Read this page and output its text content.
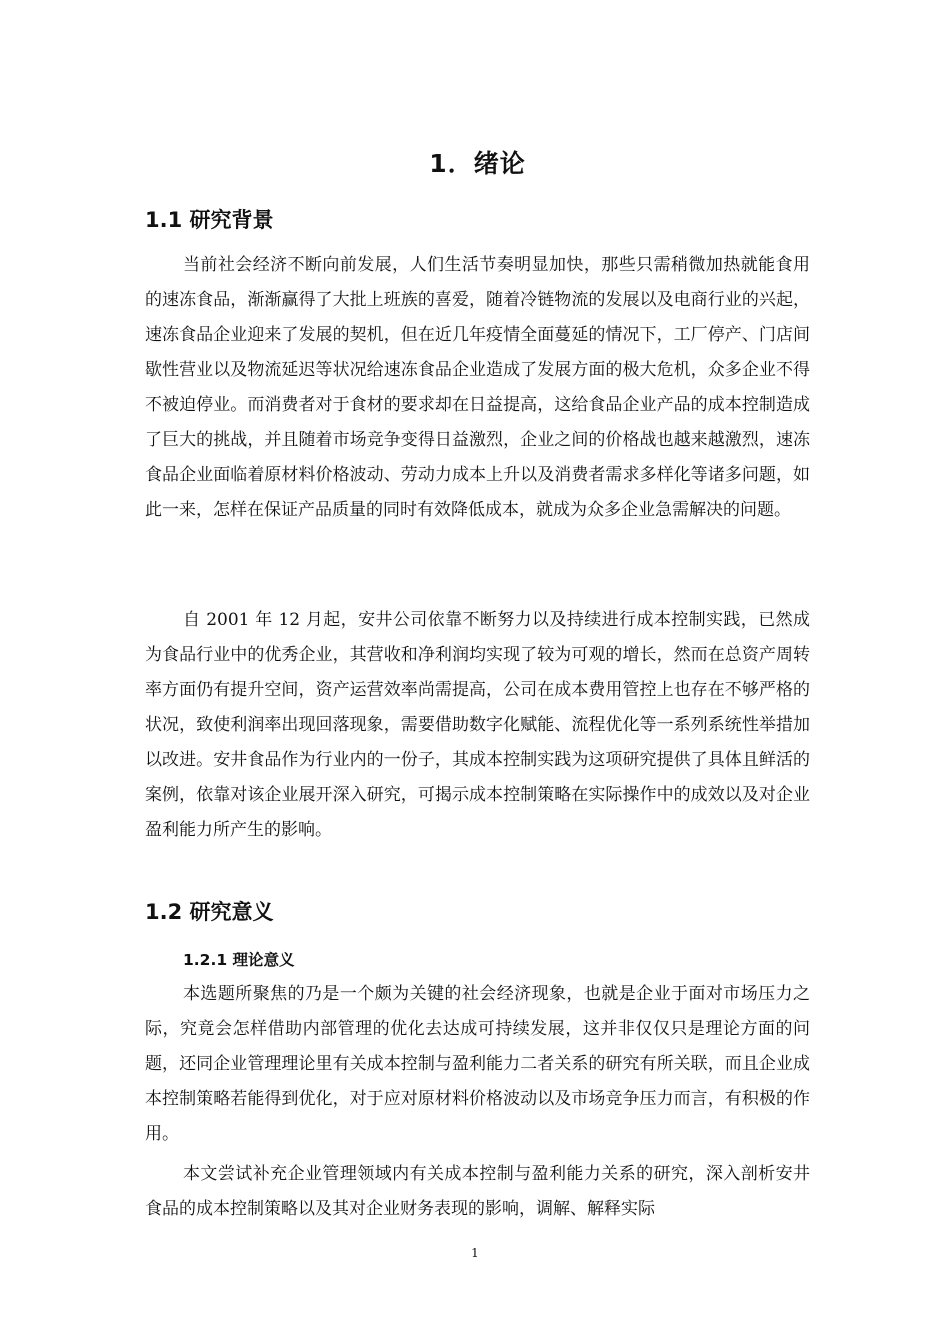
1．绪论
1.1 研究背景

当前社会经济不断向前发展，人们生活节奏明显加快，那些只需稍微加热就能食用的速冻食品，渐渐赢得了大批上班族的喜爱，随着冷链物流的发展以及电商行业的兴起，速冻食品企业迎来了发展的契机，但在近几年疫情全面蔓延的情况下，工厂停产、门店间歇性营业以及物流延迟等状况给速冻食品企业造成了发展方面的极大危机，众多企业不得不被迫停业。而消费者对于食材的要求却在日益提高，这给食品企业产品的成本控制造成了巨大的挑战，并且随着市场竞争变得日益激烈，企业之间的价格战也越来越激烈，速冻食品企业面临着原材料价格波动、劳动力成本上升以及消费者需求多样化等诸多问题，如此一来，怎样在保证产品质量的同时有效降低成本，就成为众多企业急需解决的问题。

自 2001 年 12 月起，安井公司依靠不断努力以及持续进行成本控制实践，已然成为食品行业中的优秀企业，其营收和净利润均实现了较为可观的增长，然而在总资产周转率方面仍有提升空间，资产运营效率尚需提高，公司在成本费用管控上也存在不够严格的状况，致使利润率出现回落现象，需要借助数字化赋能、流程优化等一系列系统性举措加以改进。安井食品作为行业内的一份子，其成本控制实践为这项研究提供了具体且鲜活的案例，依靠对该企业展开深入研究，可揭示成本控制策略在实际操作中的成效以及对企业盈利能力所产生的影响。

1.2 研究意义
1.2.1 理论意义

本选题所聚焦的乃是一个颇为关键的社会经济现象，也就是企业于面对市场压力之际，究竟会怎样借助内部管理的优化去达成可持续发展，这并非仅仅只是理论方面的问题，还同企业管理理论里有关成本控制与盈利能力二者关系的研究有所关联，而且企业成本控制策略若能得到优化，对于应对原材料价格波动以及市场竞争压力而言，有积极的作用。

本文尝试补充企业管理领域内有关成本控制与盈利能力关系的研究，深入剖析安井食品的成本控制策略以及其对企业财务表现的影响，调解、解释实际

1
